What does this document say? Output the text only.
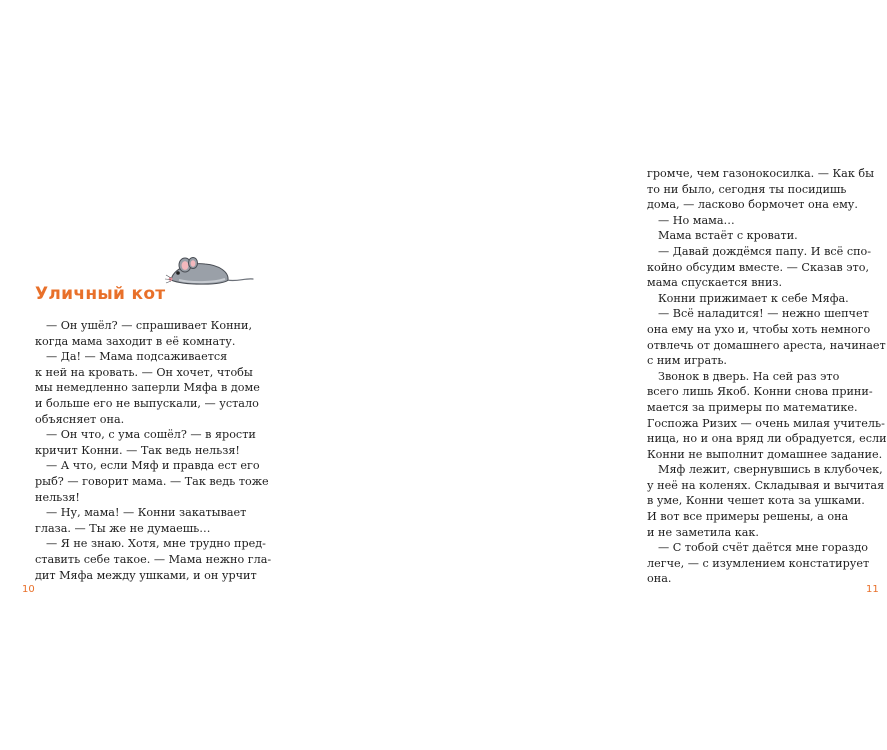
Уличный кот
— Он ушёл? — спрашивает Конни,
когда мама заходит в её комнату.
— Да! — Мама подсаживается
к ней на кровать. — Он хочет, чтобы
мы немедленно заперли Мяфа в доме
и больше его не выпускали, — устало
объясняет она.
— Он что, с ума сошёл? — в ярости
кричит Конни. — Так ведь нельзя!
— А что, если Мяф и правда ест его
рыб? — говорит мама. — Так ведь тоже
нельзя!
— Ну, мама! — Конни закатывает
глаза. — Ты же не думаешь…
— Я не знаю. Хотя, мне трудно пред-
ставить себе такое. — Мама нежно гла-
дит Мяфа между ушками, и он урчит
10
громче, чем газонокосилка. — Как бы
то ни было, сегодня ты посидишь
дома, — ласково бормочет она ему.
— Но мама…
Мама встаёт с кровати.
— Давай дождёмся папу. И всё спо-
койно обсудим вместе. — Сказав это,
мама спускается вниз.
Конни прижимает к себе Мяфа.
— Всё наладится! — нежно шепчет
она ему на ухо и, чтобы хоть немного
отвлечь от домашнего ареста, начинает
с ним играть.
Звонок в дверь. На сей раз это
всего лишь Якоб. Конни снова прини-
мается за примеры по математике.
Госпожа Ризих — очень милая учитель-
ница, но и она вряд ли обрадуется, если
Конни не выполнит домашнее задание.
Мяф лежит, свернувшись в клубочек,
у неё на коленях. Складывая и вычитая
в уме, Конни чешет кота за ушками.
И вот все примеры решены, а она
и не заметила как.
— С тобой счёт даётся мне гораздо
легче, — с изумлением констатирует
она.
11
